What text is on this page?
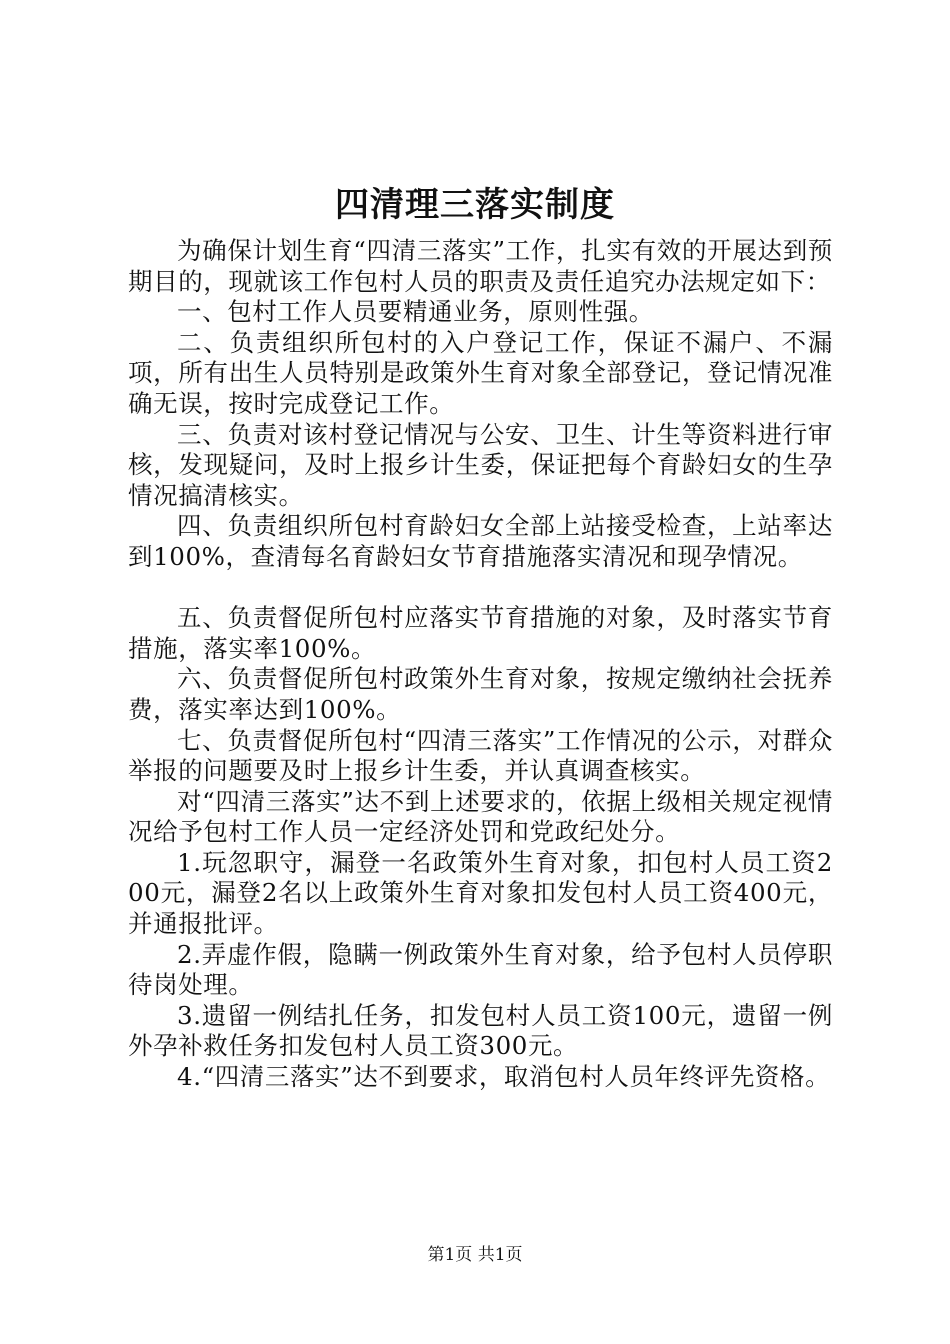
四清理三落实制度

为确保计划生育“四清三落实”工作，扎实有效的开展达到预期目的，现就该工作包村人员的职责及责任追究办法规定如下：

一、包村工作人员要精通业务，原则性强。

二、负责组织所包村的入户登记工作，保证不漏户、不漏项，所有出生人员特别是政策外生育对象全部登记，登记情况准确无误，按时完成登记工作。

三、负责对该村登记情况与公安、卫生、计生等资料进行审核，发现疑问，及时上报乡计生委，保证把每个育龄妇女的生孕情况搞清核实。

四、负责组织所包村育龄妇女全部上站接受检查，上站率达到100%，查清每名育龄妇女节育措施落实清况和现孕情况。

五、负责督促所包村应落实节育措施的对象，及时落实节育措施，落实率100%。

六、负责督促所包村政策外生育对象，按规定缴纳社会抚养费，落实率达到100%。

七、负责督促所包村“四清三落实”工作情况的公示，对群众举报的问题要及时上报乡计生委，并认真调查核实。

对“四清三落实”达不到上述要求的，依据上级相关规定视情况给予包村工作人员一定经济处罚和党政纪处分。

1.玩忽职守，漏登一名政策外生育对象，扣包村人员工资200元，漏登2名以上政策外生育对象扣发包村人员工资400元，并通报批评。

2.弄虚作假，隐瞒一例政策外生育对象，给予包村人员停职待岗处理。

3.遗留一例结扎任务，扣发包村人员工资100元，遗留一例外孕补救任务扣发包村人员工资300元。

4.“四清三落实”达不到要求，取消包村人员年终评先资格。

第1页 共1页
